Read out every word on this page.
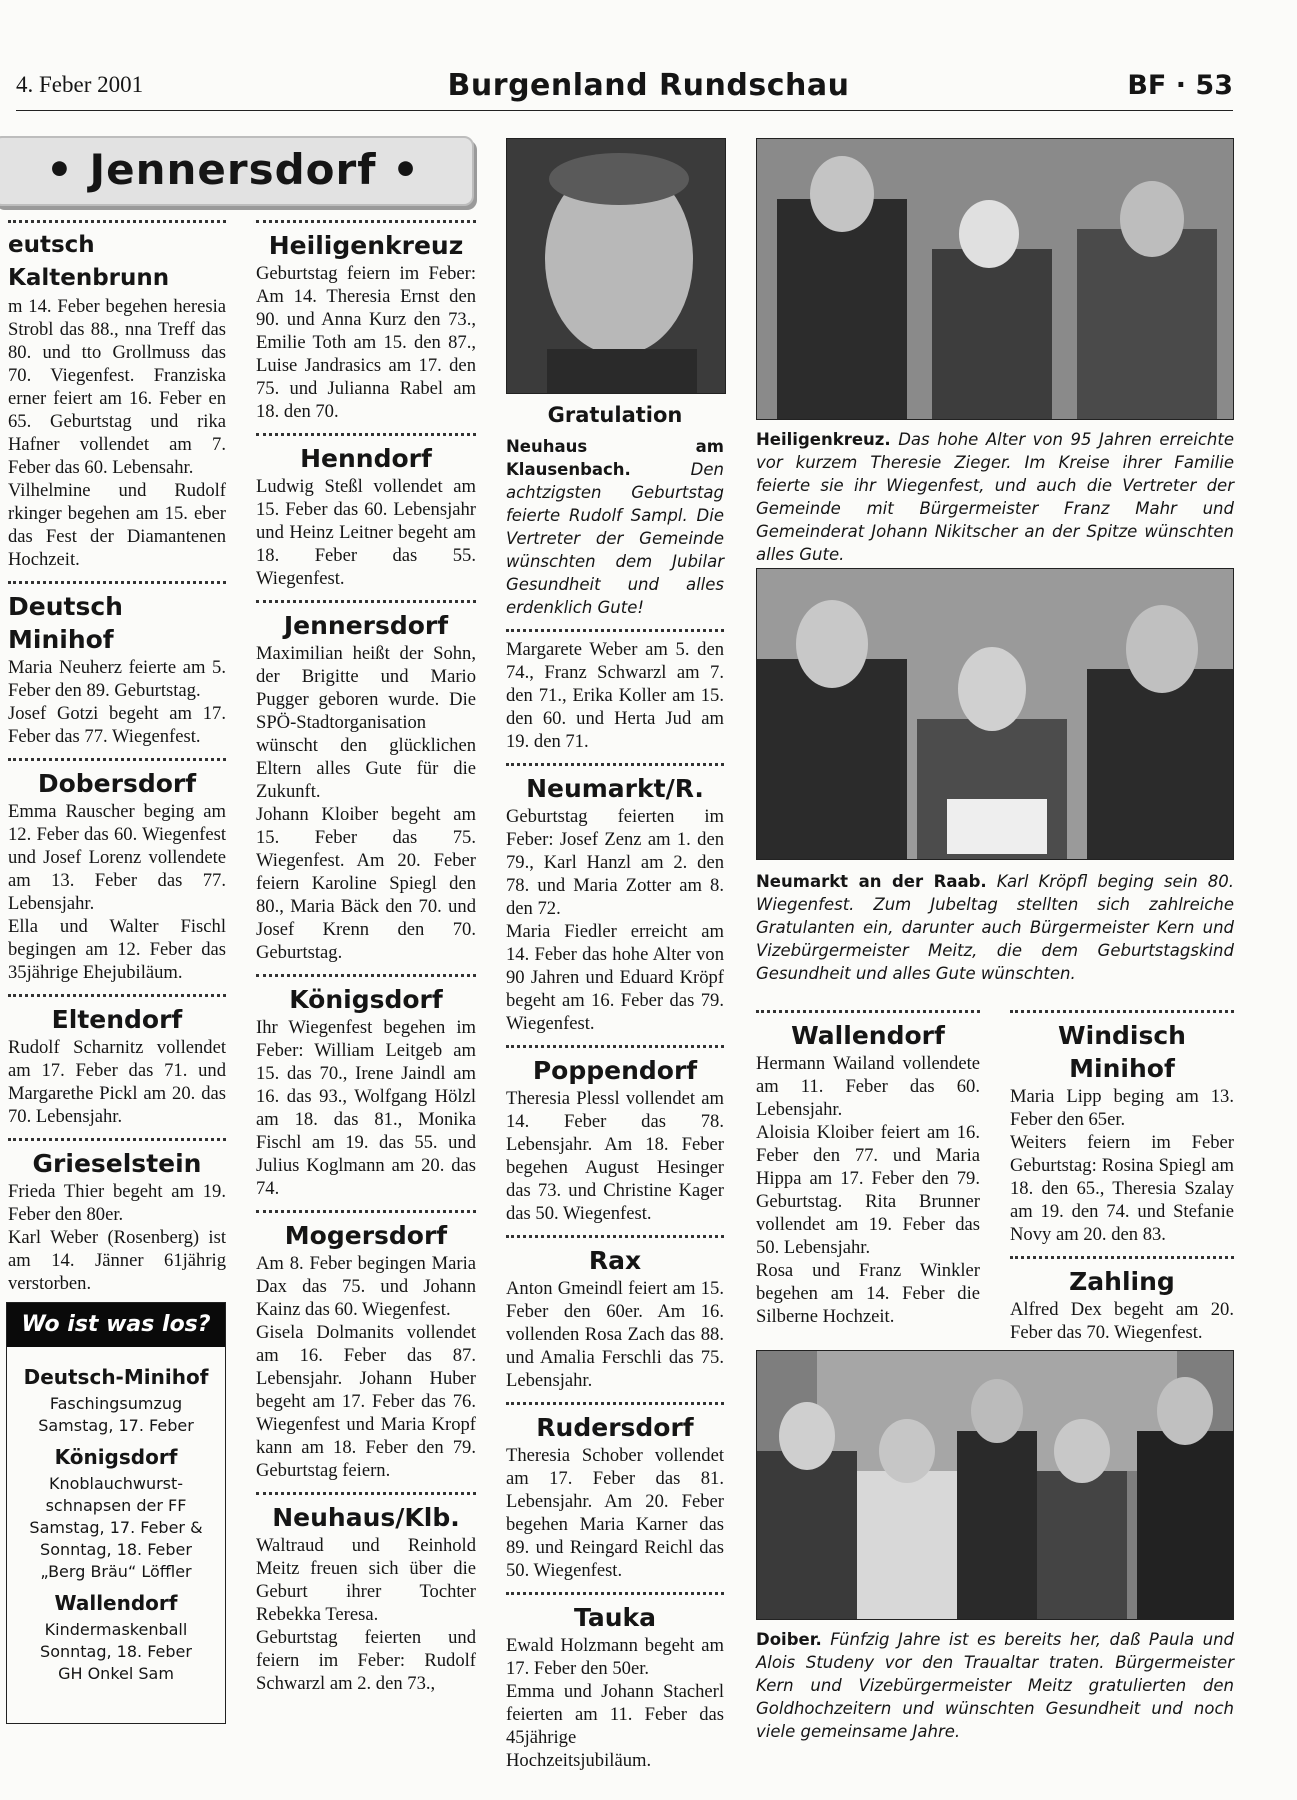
4. Feber 2001	Burgenland Rundschau	BF · 53
• Jennersdorf •
eutsch Kaltenbrunn

m 14. Feber begehen heresia Strobl das 88., nna Treff das 80. und tto Grollmuss das 70. Viegenfest. Franziska erner feiert am 16. Feber en 65. Geburtstag und rika Hafner vollendet am 7. Feber das 60. Lebensahr.

Vilhelmine und Rudolf rkinger begehen am 15. eber das Fest der Diamantenen Hochzeit.

Deutsch Minihof

Maria Neuherz feierte am 5. Feber den 89. Geburtstag.

Josef Gotzi begeht am 17. Feber das 77. Wiegenfest.

Dobersdorf

Emma Rauscher beging am 12. Feber das 60. Wiegenfest und Josef Lorenz vollendete am 13. Feber das 77. Lebensjahr.

Ella und Walter Fischl begingen am 12. Feber das 35jährige Ehejubiläum.

Eltendorf

Rudolf Scharnitz vollendet am 17. Feber das 71. und Margarethe Pickl am 20. das 70. Lebensjahr.

Grieselstein

Frieda Thier begeht am 19. Feber den 80er.

Karl Weber (Rosenberg) ist am 14. Jänner 61jährig verstorben.

Wo ist was los?
Deutsch-Minihof
Faschingsumzug
Samstag, 17. Feber
Königsdorf
Knoblauchwurst-
schnapsen der FF
Samstag, 17. Feber &
Sonntag, 18. Feber
„Berg Bräu“ Löffler
Wallendorf
Kindermaskenball
Sonntag, 18. Feber
GH Onkel Sam
Heiligenkreuz

Geburtstag feiern im Feber: Am 14. Theresia Ernst den 90. und Anna Kurz den 73., Emilie Toth am 15. den 87., Luise Jandrasics am 17. den 75. und Julianna Rabel am 18. den 70.

Henndorf

Ludwig Steßl vollendet am 15. Feber das 60. Lebensjahr und Heinz Leitner begeht am 18. Feber das 55. Wiegenfest.

Jennersdorf

Maximilian heißt der Sohn, der Brigitte und Mario Pugger geboren wurde. Die SPÖ-Stadtorganisation wünscht den glücklichen Eltern alles Gute für die Zukunft.

Johann Kloiber begeht am 15. Feber das 75. Wiegenfest. Am 20. Feber feiern Karoline Spiegl den 80., Maria Bäck den 70. und Josef Krenn den 70. Geburtstag.

Königsdorf

Ihr Wiegenfest begehen im Feber: William Leitgeb am 15. das 70., Irene Jaindl am 16. das 93., Wolfgang Hölzl am 18. das 81., Monika Fischl am 19. das 55. und Julius Koglmann am 20. das 74.

Mogersdorf

Am 8. Feber begingen Maria Dax das 75. und Johann Kainz das 60. Wiegenfest.

Gisela Dolmanits vollendet am 16. Feber das 87. Lebensjahr. Johann Huber begeht am 17. Feber das 76. Wiegenfest und Maria Kropf kann am 18. Feber den 79. Geburtstag feiern.

Neuhaus/Klb.

Waltraud und Reinhold Meitz freuen sich über die Geburt ihrer Tochter Rebekka Teresa.

Geburtstag feierten und feiern im Feber: Rudolf Schwarzl am 2. den 73.,

Gratulation

Neuhaus am Klausenbach.	Den achtzigsten Geburtstag feierte Rudolf Sampl. Die Vertreter der Gemeinde wünschten dem Jubilar Gesundheit und alles erdenklich Gute!

Margarete Weber am 5. den 74., Franz Schwarzl am 7. den 71., Erika Koller am 15. den 60. und Herta Jud am 19. den 71.

Neumarkt/R.

Geburtstag feierten im Feber: Josef Zenz am 1. den 79., Karl Hanzl am 2. den 78. und Maria Zotter am 8. den 72.

Maria Fiedler erreicht am 14. Feber das hohe Alter von 90 Jahren und Eduard Kröpf begeht am 16. Feber das 79. Wiegenfest.

Poppendorf

Theresia Plessl vollendet am 14. Feber das 78. Lebensjahr. Am 18. Feber begehen August Hesinger das 73. und Christine Kager das 50. Wiegenfest.

Rax

Anton Gmeindl feiert am 15. Feber den 60er. Am 16. vollenden Rosa Zach das 88. und Amalia Ferschli das 75. Lebensjahr.

Rudersdorf

Theresia Schober vollendet am 17. Feber das 81. Lebensjahr. Am 20. Feber begehen Maria Karner das 89. und Reingard Reichl das 50. Wiegenfest.

Tauka

Ewald Holzmann begeht am 17. Feber den 50er.

Emma und Johann Stacherl feierten am 11. Feber das 45jährige Hochzeitsjubiläum.

Heiligenkreuz. Das hohe Alter von 95 Jahren erreichte vor kurzem Theresie Zieger. Im Kreise ihrer Familie feierte sie ihr Wiegenfest, und auch die Vertreter der Gemeinde mit Bürgermeister Franz Mahr und Gemeinderat Johann Nikitscher an der Spitze wünschten alles Gute.
Neumarkt an der Raab. Karl Kröpfl beging sein 80. Wiegenfest. Zum Jubeltag stellten sich zahlreiche Gratulanten ein, darunter auch Bürgermeister Kern und Vizebürgermeister Meitz, die dem Geburtstagskind Gesundheit und alles Gute wünschten.
Wallendorf

Hermann Wailand vollendete am 11. Feber das 60. Lebensjahr.

Aloisia Kloiber feiert am 16. Feber den 77. und Maria Hippa am 17. Feber den 79. Geburtstag. Rita Brunner vollendet am 19. Feber das 50. Lebensjahr.

Rosa und Franz Winkler begehen am 14. Feber die Silberne Hochzeit.

Windisch Minihof

Maria Lipp beging am 13. Feber den 65er.

Weiters feiern im Feber Geburtstag: Rosina Spiegl am 18. den 65., Theresia Szalay am 19. den 74. und Stefanie Novy am 20. den 83.

Zahling

Alfred Dex begeht am 20. Feber das 70. Wiegenfest.

Doiber. Fünfzig Jahre ist es bereits her, daß Paula und Alois Studeny vor den Traualtar traten. Bürgermeister Kern und Vizebürgermeister Meitz gratulierten den Goldhochzeitern und wünschten Gesundheit und noch viele gemeinsame Jahre.
